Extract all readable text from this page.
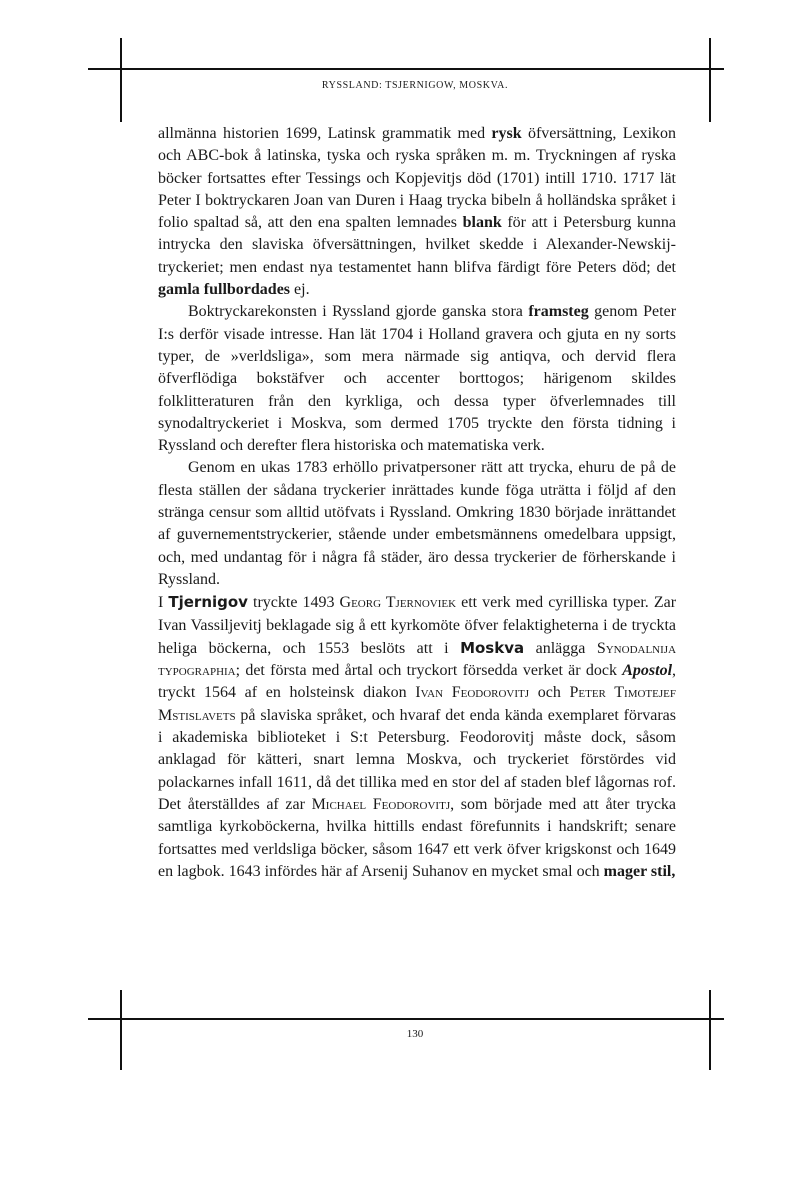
RYSSLAND: TSJERNIGOW, MOSKVA.

allmänna historien 1699, Latinsk grammatik med rysk öfversättning, Lexikon och ABC-bok å latinska, tyska och ryska språken m. m. Tryckningen af ryska böcker fortsattes efter Tessings och Kopjevitjs död (1701) intill 1710. 1717 lät Peter I boktryckaren Joan van Duren i Haag trycka bibeln å holländska språket i folio spaltad så, att den ena spalten lemnades blank för att i Petersburg kunna intrycka den slaviska öfversättningen, hvilket skedde i Alexander-Newskij-tryckeriet; men endast nya testamentet hann blifva färdigt före Peters död; det gamla fullbordades ej.

Boktryckarekonsten i Ryssland gjorde ganska stora framsteg genom Peter I:s derför visade intresse. Han lät 1704 i Holland gravera och gjuta en ny sorts typer, de »verldsliga», som mera närmade sig antiqva, och dervid flera öfverflödiga bokstäfver och accenter borttogos; härigenom skildes folklitteraturen från den kyrkliga, och dessa typer öfverlemnades till synodaltryckeriet i Moskva, som dermed 1705 tryckte den första tidning i Ryssland och derefter flera historiska och matematiska verk.

Genom en ukas 1783 erhöllo privatpersoner rätt att trycka, ehuru de på de flesta ställen der sådana tryckerier inrättades kunde föga uträtta i följd af den stränga censur som alltid utöfvats i Ryssland. Omkring 1830 började inrättandet af guvernementstryckerier, stående under embetsmännens omedelbara uppsigt, och, med undantag för i några få städer, äro dessa tryckerier de förherskande i Ryssland.

I Tjernigov tryckte 1493 Georg Tjernoviek ett verk med cyrilliska typer. Zar Ivan Vassiljevitj beklagade sig å ett kyrkomöte öfver felaktigheterna i de tryckta heliga böckerna, och 1553 beslöts att i Moskva anlägga Synodalnija typographia; det första med årtal och tryckort försedda verket är dock Apostol, tryckt 1564 af en holsteinsk diakon Ivan Feodorovitj och Peter Timotejef Mstislavets på slaviska språket, och hvaraf det enda kända exemplaret förvaras i akademiska biblioteket i S:t Petersburg. Feodorovitj måste dock, såsom anklagad för kätteri, snart lemna Moskva, och tryckeriet förstördes vid polackarnes infall 1611, då det tillika med en stor del af staden blef lågornas rof. Det återställdes af zar Michael Feodorovitj, som började med att åter trycka samtliga kyrkoböckerna, hvilka hittills endast förefunnits i handskrift; senare fortsattes med verldsliga böcker, såsom 1647 ett verk öfver krigskonst och 1649 en lagbok. 1643 infördes här af Arsenij Suhanov en mycket smal och mager stil,

130
